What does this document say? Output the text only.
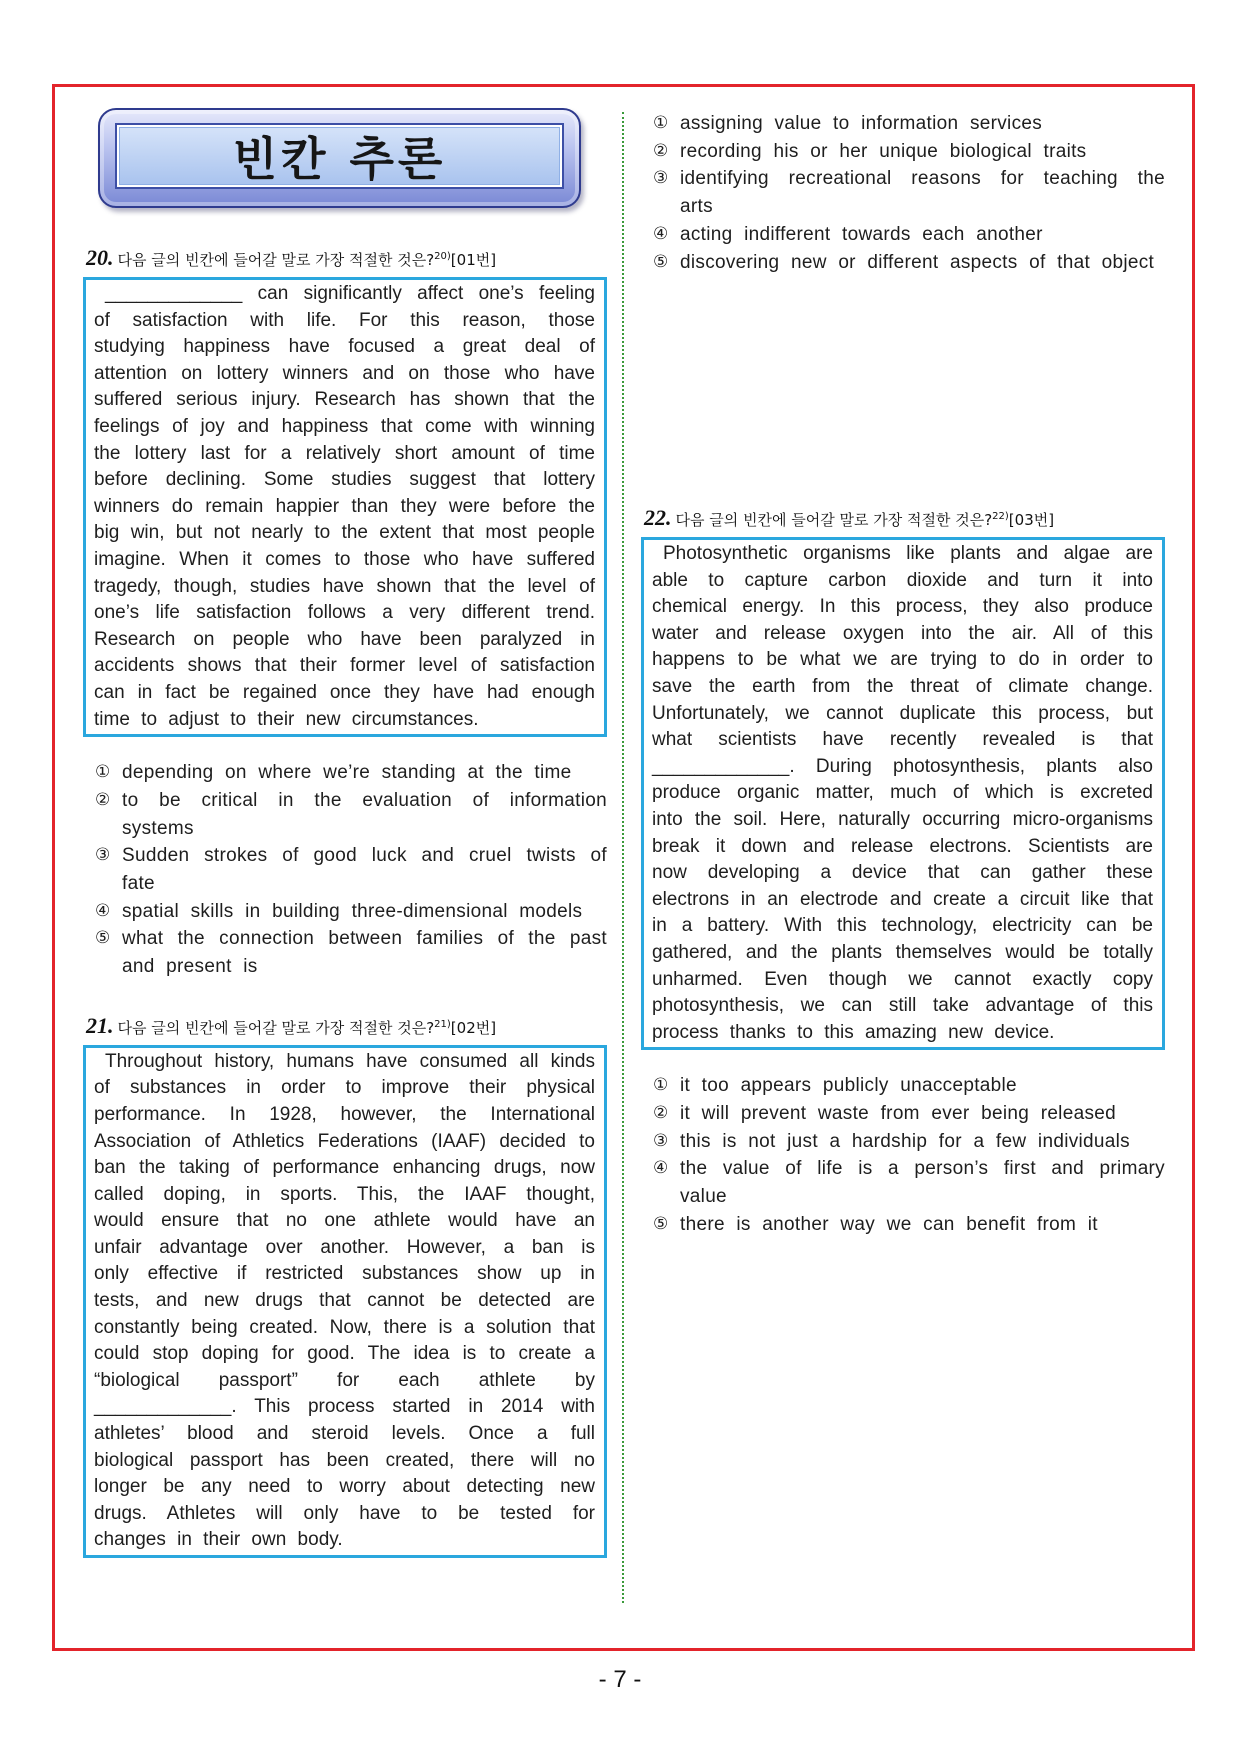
빈칸 추론
20. 다음 글의 빈칸에 들어갈 말로 가장 적절한 것은?$^{20)}$[01번]

_____________ can significantly affect one’s feeling of satisfaction with life. For this reason, those studying happiness have focused a great deal of attention on lottery winners and on those who have suffered serious injury. Research has shown that the feelings of joy and happiness that come with winning the lottery last for a relatively short amount of time before declining. Some studies suggest that lottery winners do remain happier than they were before the big win, but not nearly to the extent that most people imagine. When it comes to those who have suffered tragedy, though, studies have shown that the level of one’s life satisfaction follows a very different trend. Research on people who have been paralyzed in accidents shows that their former level of satisfaction can in fact be regained once they have had enough time to adjust to their new circumstances.

① depending on where we’re standing at the time
② to be critical in the evaluation of information systems
③ Sudden strokes of good luck and cruel twists of fate
④ spatial skills in building three-dimensional models
⑤ what the connection between families of the past and present is
21. 다음 글의 빈칸에 들어갈 말로 가장 적절한 것은?$^{21)}$[02번]

Throughout history, humans have consumed all kinds of substances in order to improve their physical performance. In 1928, however, the International Association of Athletics Federations (IAAF) decided to ban the taking of performance enhancing drugs, now called doping, in sports. This, the IAAF thought, would ensure that no one athlete would have an unfair advantage over another. However, a ban is only effective if restricted substances show up in tests, and new drugs that cannot be detected are constantly being created. Now, there is a solution that could stop doping for good. The idea is to create a “biological passport” for each athlete by _____________. This process started in 2014 with athletes’ blood and steroid levels. Once a full biological passport has been created, there will no longer be any need to worry about detecting new drugs. Athletes will only have to be tested for changes in their own body.

① assigning value to information services
② recording his or her unique biological traits
③ identifying recreational reasons for teaching the arts
④ acting indifferent towards each another
⑤ discovering new or different aspects of that object
22. 다음 글의 빈칸에 들어갈 말로 가장 적절한 것은?$^{22)}$[03번]

Photosynthetic organisms like plants and algae are able to capture carbon dioxide and turn it into chemical energy. In this process, they also produce water and release oxygen into the air. All of this happens to be what we are trying to do in order to save the earth from the threat of climate change. Unfortunately, we cannot duplicate this process, but what scientists have recently revealed is that _____________. During photosynthesis, plants also produce organic matter, much of which is excreted into the soil. Here, naturally occurring micro-organisms break it down and release electrons. Scientists are now developing a device that can gather these electrons in an electrode and create a circuit like that in a battery. With this technology, electricity can be gathered, and the plants themselves would be totally unharmed. Even though we cannot exactly copy photosynthesis, we can still take advantage of this process thanks to this amazing new device.

① it too appears publicly unacceptable
② it will prevent waste from ever being released
③ this is not just a hardship for a few individuals
④ the value of life is a person’s first and primary value
⑤ there is another way we can benefit from it
- 7 -
